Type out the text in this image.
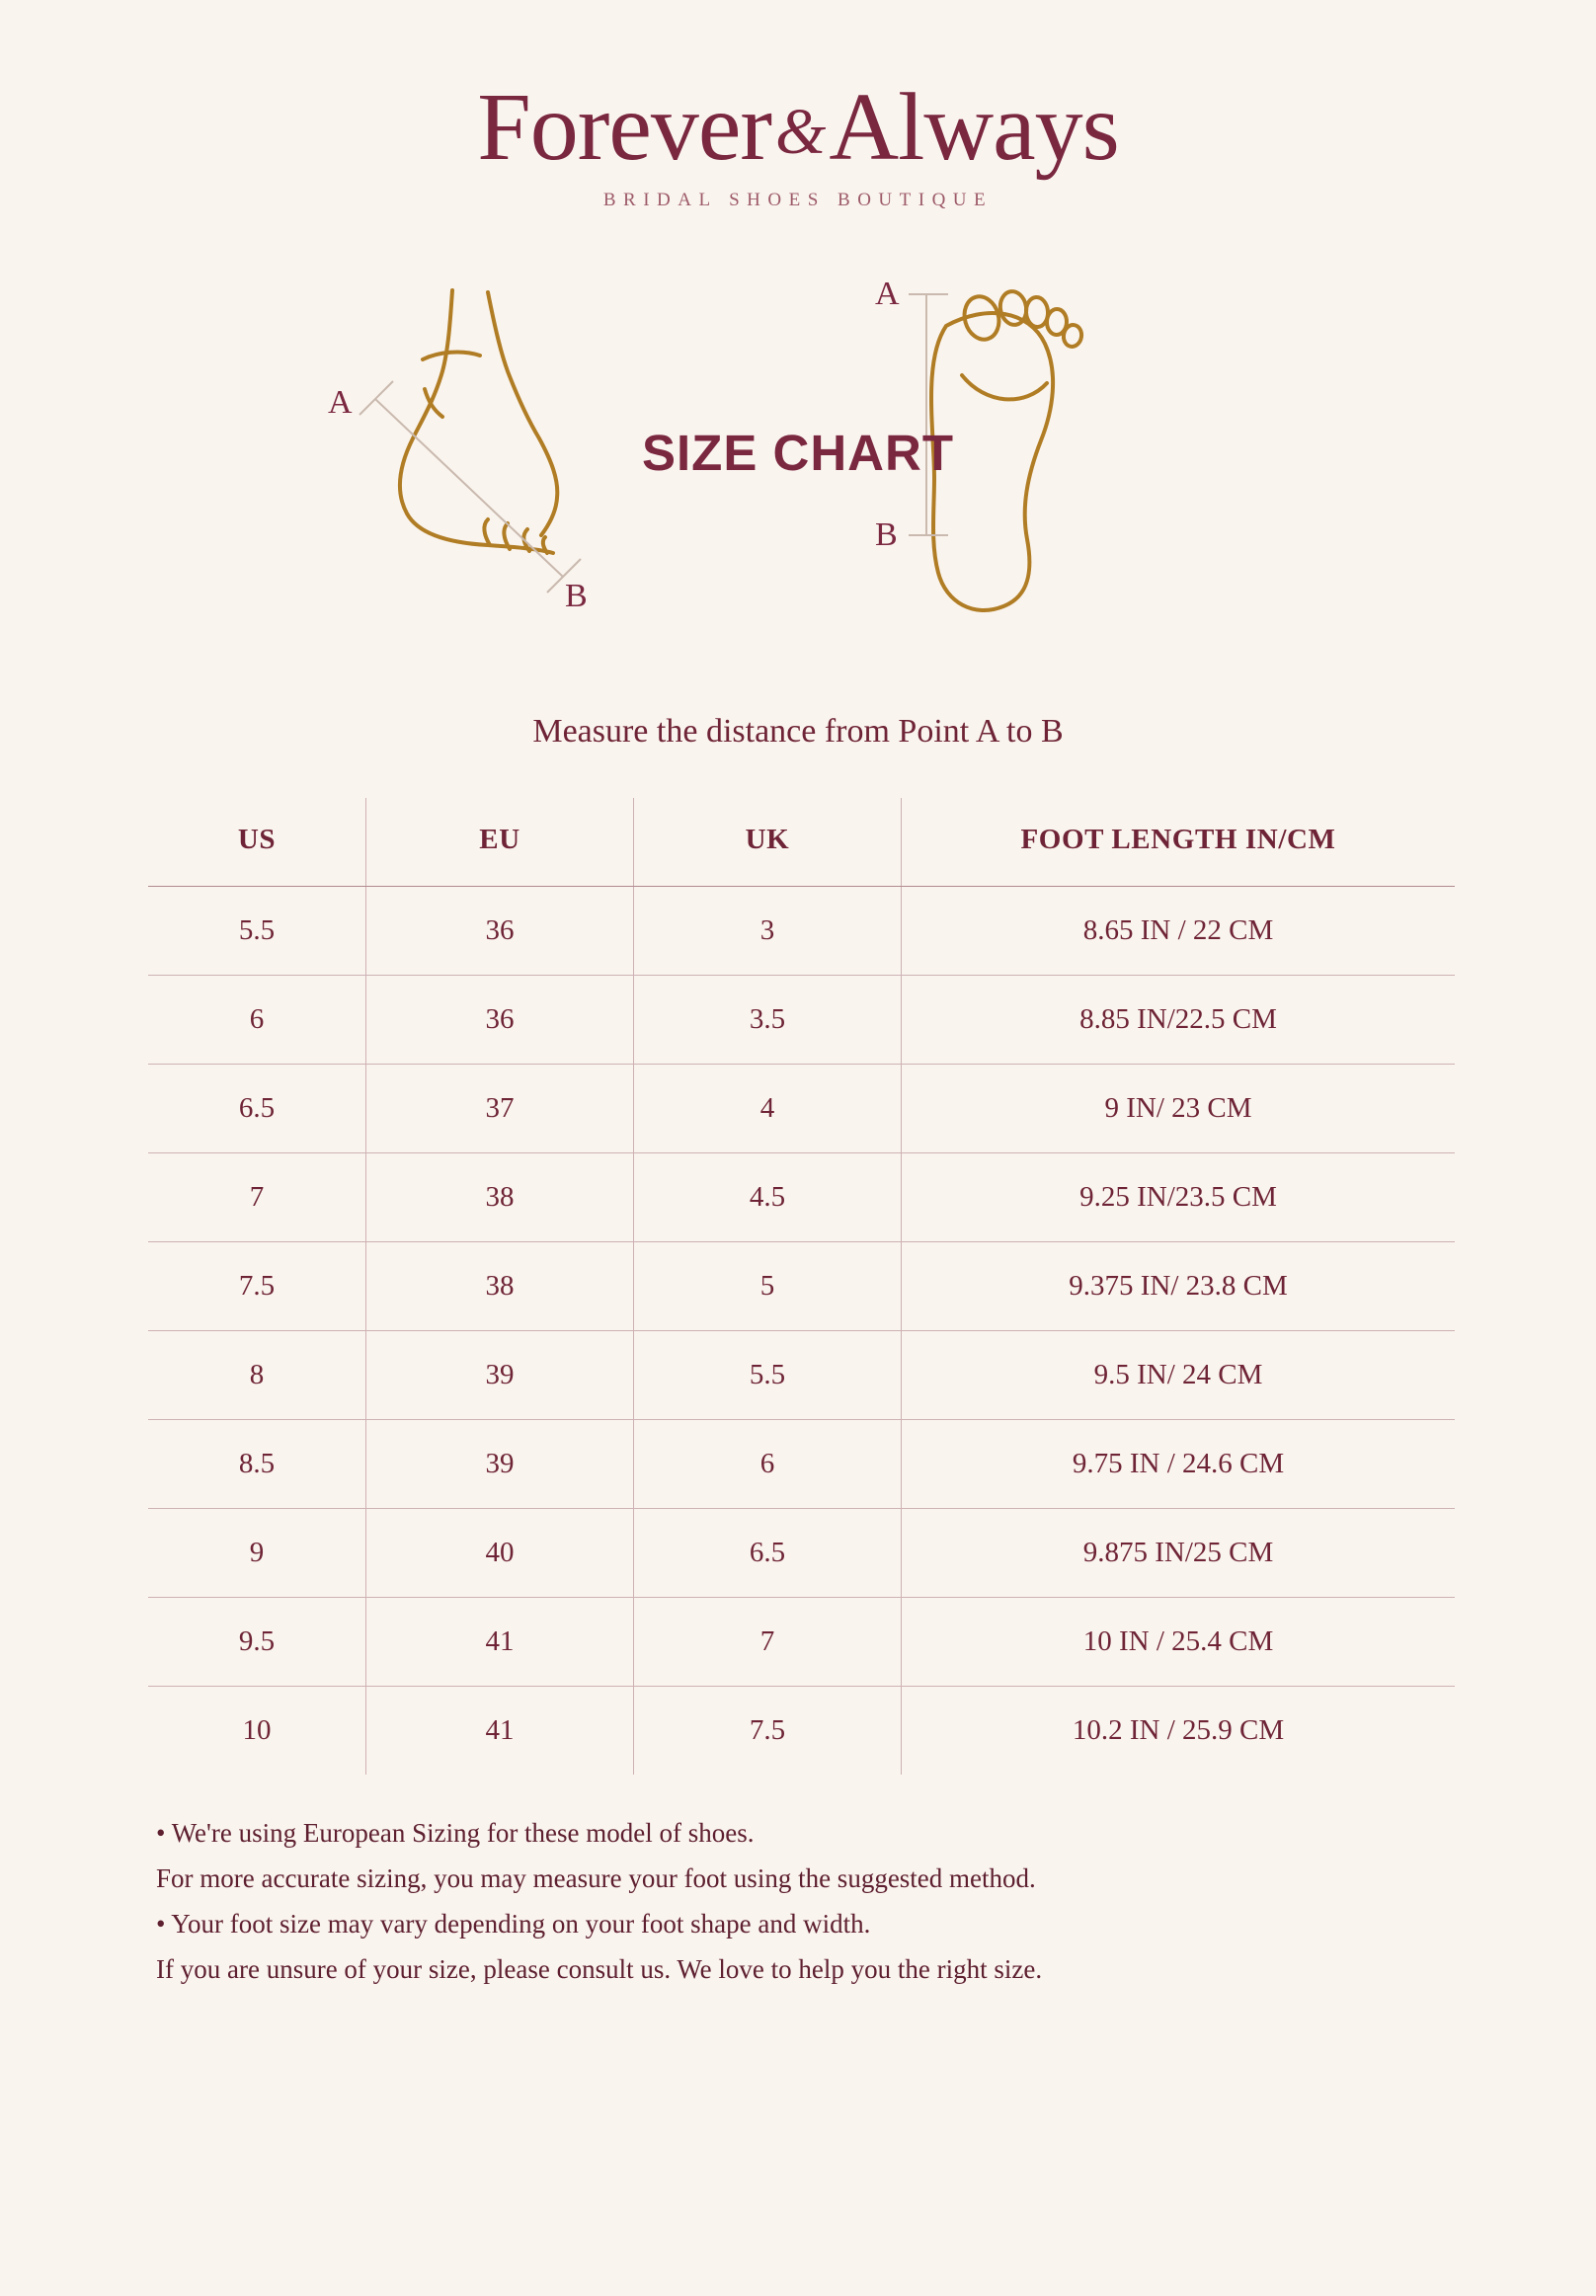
Forever&Always
BRIDAL SHOES BOUTIQUE
A
B
A
B
SIZE CHART
Measure the distance from Point A to B
US	EU	UK	FOOT LENGTH IN/CM
5.5	36	3	8.65 IN / 22 CM
6	36	3.5	8.85 IN/22.5 CM
6.5	37	4	9 IN/ 23 CM
7	38	4.5	9.25 IN/23.5 CM
7.5	38	5	9.375 IN/ 23.8 CM
8	39	5.5	9.5 IN/ 24 CM
8.5	39	6	9.75 IN / 24.6 CM
9	40	6.5	9.875 IN/25 CM
9.5	41	7	10 IN / 25.4 CM
10	41	7.5	10.2 IN / 25.9 CM

• We're using European Sizing for these model of shoes.

For more accurate sizing, you may measure your foot using the suggested method.

• Your foot size may vary depending on your foot shape and width.

If you are unsure of your size, please consult us. We love to help you the right size.
